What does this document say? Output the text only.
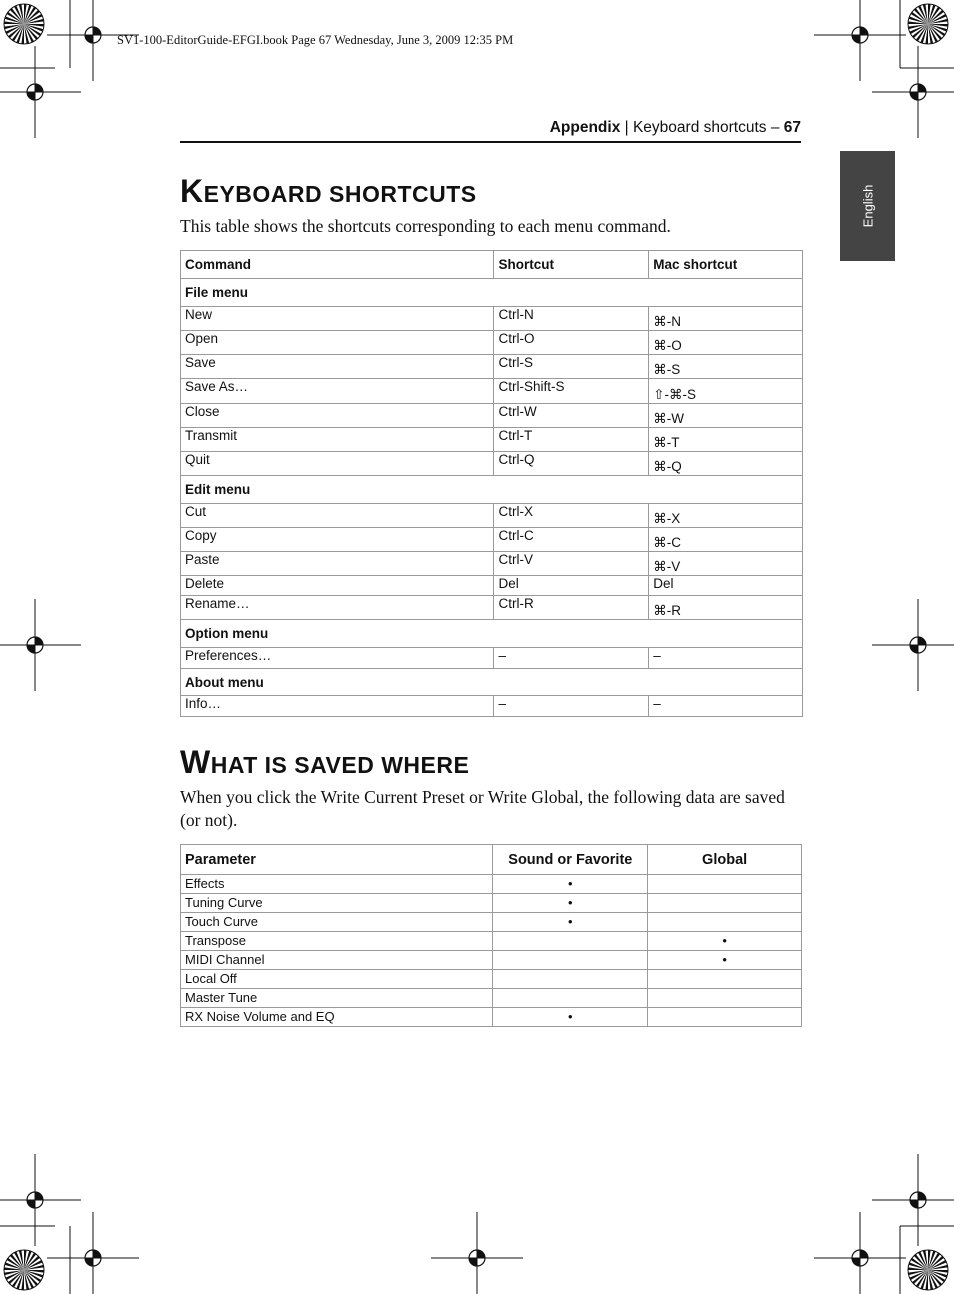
SV1-100-EditorGuide-EFGI.book Page 67 Wednesday, June 3, 2009 12:35 PM
Appendix | Keyboard shortcuts – 67
English
KEYBOARD SHORTCUTS
This table shows the shortcuts corresponding to each menu command.
Command	Shortcut	Mac shortcut
File menu		
New	Ctrl-N	⌘-N
Open	Ctrl-O	⌘-O
Save	Ctrl-S	⌘-S
Save As…	Ctrl-Shift-S	⇧-⌘-S
Close	Ctrl-W	⌘-W
Transmit	Ctrl-T	⌘-T
Quit	Ctrl-Q	⌘-Q
Edit menu		
Cut	Ctrl-X	⌘-X
Copy	Ctrl-C	⌘-C
Paste	Ctrl-V	⌘-V
Delete	Del	Del
Rename…	Ctrl-R	⌘-R
Option menu		
Preferences…	–	–
About menu		
Info…	–	–
WHAT IS SAVED WHERE
When you click the Write Current Preset or Write Global, the following data are saved (or not).
Parameter	Sound or Favorite	Global
Effects	•	
Tuning Curve	•	
Touch Curve	•	
Transpose		•
MIDI Channel		•
Local Off		
Master Tune		
RX Noise Volume and EQ	•	
